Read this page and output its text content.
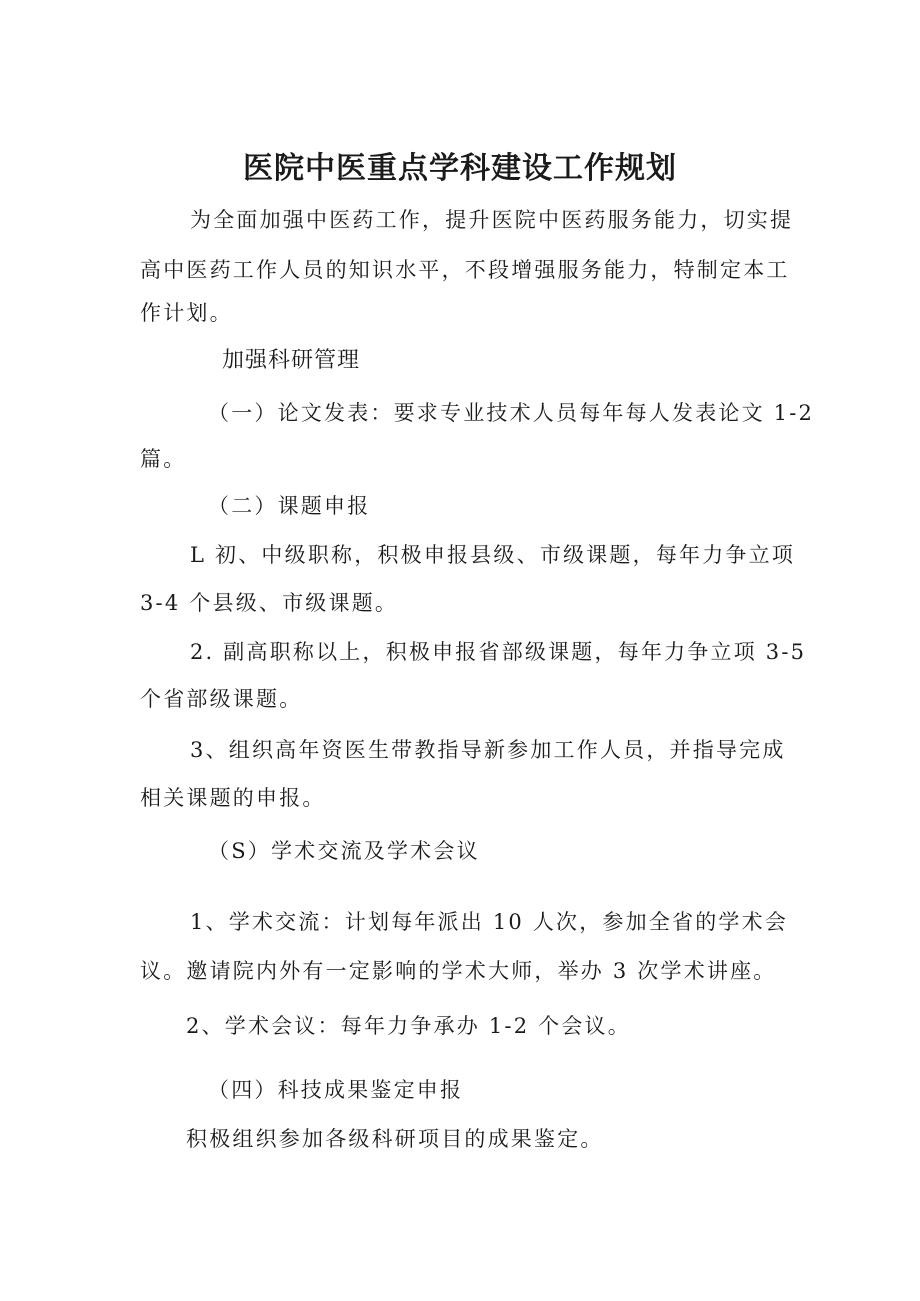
医院中医重点学科建设工作规划

为全面加强中医药工作，提升医院中医药服务能力，切实提

高中医药工作人员的知识水平，不段增强服务能力，特制定本工

作计划。

加强科研管理

（一）论文发表：要求专业技术人员每年每人发表论文 1-2

篇。

（二）课题申报

L 初、中级职称，积极申报县级、市级课题，每年力争立项

3-4 个县级、市级课题。

2. 副高职称以上，积极申报省部级课题，每年力争立项 3-5

个省部级课题。

3、组织高年资医生带教指导新参加工作人员，并指导完成

相关课题的申报。

（S）学术交流及学术会议

1、学术交流：计划每年派出 10 人次，参加全省的学术会

议。邀请院内外有一定影响的学术大师，举办 3 次学术讲座。

2、学术会议：每年力争承办 1-2 个会议。

（四）科技成果鉴定申报

积极组织参加各级科研项目的成果鉴定。
